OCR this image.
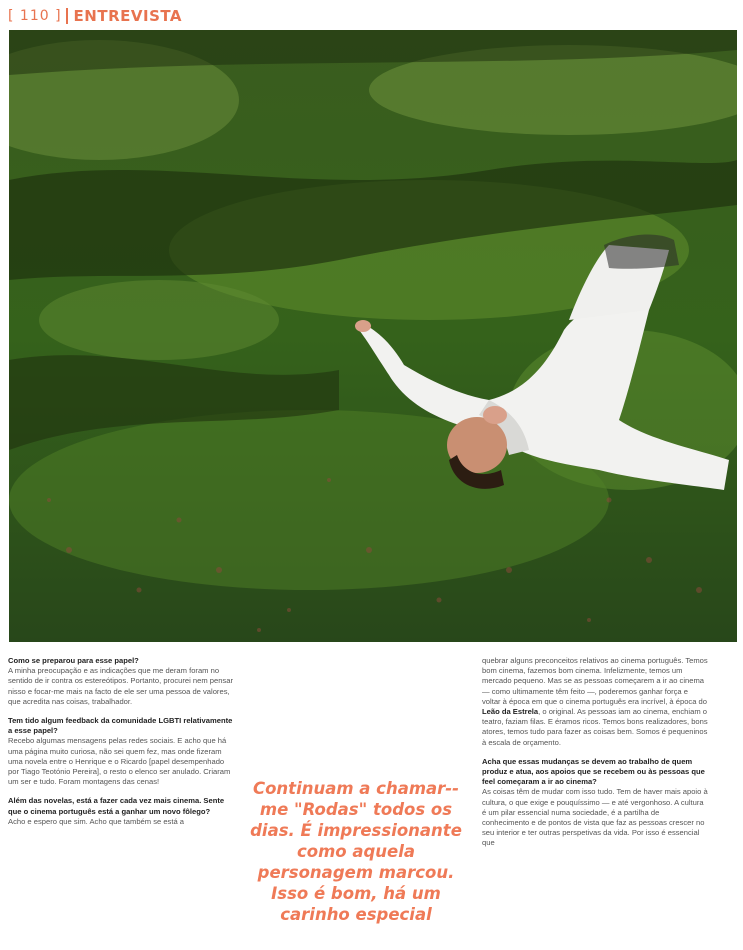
[ 110 ] ENTREVISTA

Como se preparou para esse papel?
A minha preocupação e as indicações que me deram foram no sentido de ir contra os estereótipos. Portanto, procurei nem pensar nisso e focar-me mais na facto de ele ser uma pessoa de valores, que acredita nas coisas, trabalhador.

Tem tido algum feedback da comunidade LGBTI relativamente a esse papel?
Recebo algumas mensagens pelas redes sociais. E acho que há uma página muito curiosa, não sei quem fez, mas onde fizeram uma novela entre o Henrique e o Ricardo [papel desempenhado por Tiago Teotónio Pereira], o resto o elenco ser anulado. Criaram um ser e tudo. Foram montagens das cenas!

Além das novelas, está a fazer cada vez mais cinema. Sente que o cinema português está a ganhar um novo fôlego?
Acho e espero que sim. Acho que também se está a

Continuam a chamar--me "Rodas" todos os dias. É impressionante como aquela personagem marcou. Isso é bom, há um carinho especial

quebrar alguns preconceitos relativos ao cinema português. Temos bom cinema, fazemos bom cinema. Infelizmente, temos um mercado pequeno. Mas se as pessoas começarem a ir ao cinema — como ultimamente têm feito —, poderemos ganhar força e voltar à época em que o cinema português era incrível, à época do Leão da Estrela, o original. As pessoas iam ao cinema, enchiam o teatro, faziam filas. E éramos ricos. Temos bons realizadores, bons atores, temos tudo para fazer as coisas bem. Somos é pequeninos à escala de orçamento.

Acha que essas mudanças se devem ao trabalho de quem produz e atua, aos apoios que se recebem ou às pessoas que feel começaram a ir ao cinema?
As coisas têm de mudar com isso tudo. Tem de haver mais apoio à cultura, o que exige e pouquíssimo — e até vergonhoso. A cultura é um pilar essencial numa sociedade, é a partilha de conhecimento e de pontos de vista que faz as pessoas crescer no seu interior e ter outras perspetivas da vida. Por isso é essencial que
